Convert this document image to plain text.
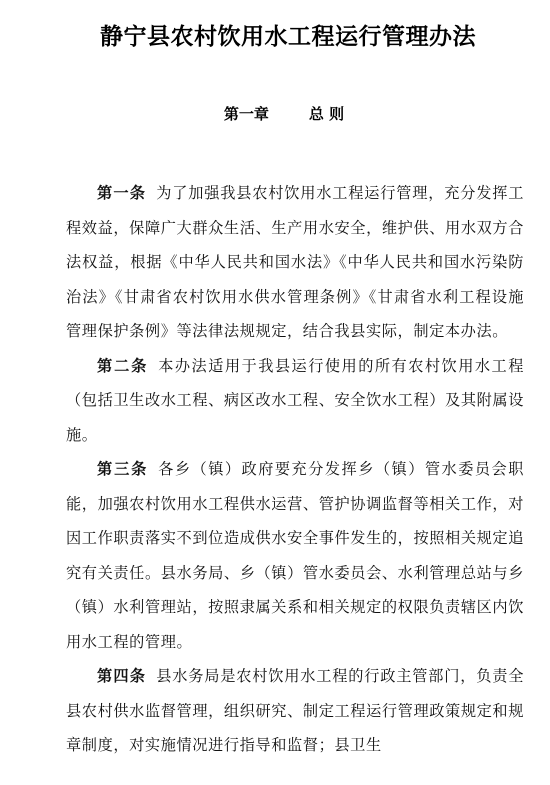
静宁县农村饮用水工程运行管理办法
第一章	总 则

第一条 为了加强我县农村饮用水工程运行管理，充分发挥工程效益，保障广大群众生活、生产用水安全，维护供、用水双方合法权益，根据《中华人民共和国水法》《中华人民共和国水污染防治法》《甘肃省农村饮用水供水管理条例》《甘肃省水利工程设施管理保护条例》等法律法规规定，结合我县实际，制定本办法。

第二条 本办法适用于我县运行使用的所有农村饮用水工程（包括卫生改水工程、病区改水工程、安全饮水工程）及其附属设施。

第三条 各乡（镇）政府要充分发挥乡（镇）管水委员会职能，加强农村饮用水工程供水运营、管护协调监督等相关工作，对因工作职责落实不到位造成供水安全事件发生的，按照相关规定追究有关责任。县水务局、乡（镇）管水委员会、水利管理总站与乡（镇）水利管理站，按照隶属关系和相关规定的权限负责辖区内饮用水工程的管理。

第四条 县水务局是农村饮用水工程的行政主管部门，负责全县农村供水监督管理，组织研究、制定工程运行管理政策规定和规章制度，对实施情况进行指导和监督；县卫生
